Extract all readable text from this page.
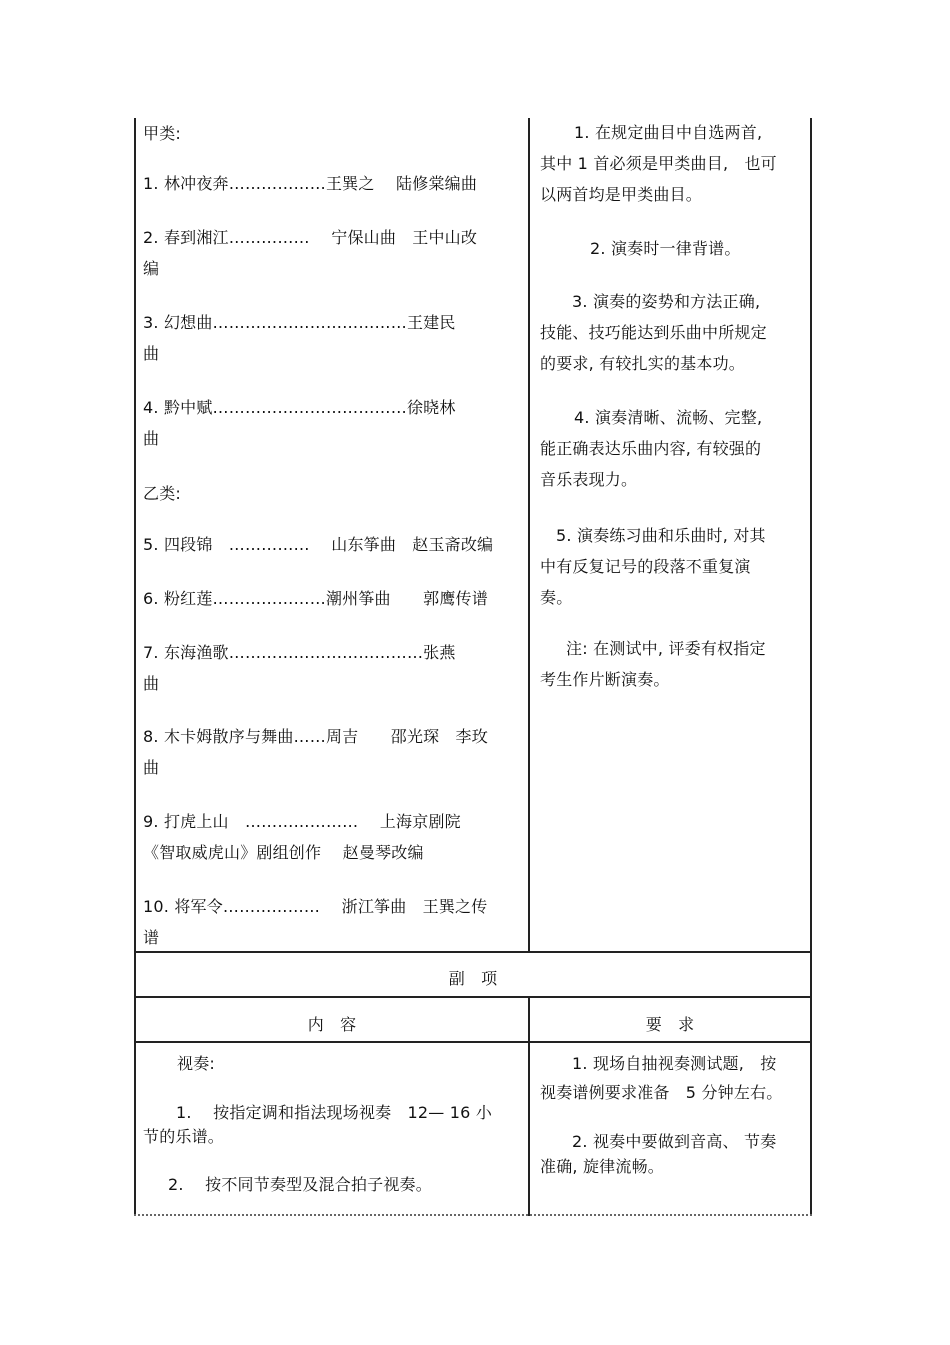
甲类:
1. 林冲夜奔………………王巽之　 陆修棠编曲
2. 春到湘江……………　 宁保山曲　王中山改
编
3. 幻想曲………………………………王建民
曲
4. 黔中赋………………………………徐晓林
曲
乙类:
5. 四段锦　……………　 山东筝曲　赵玉斋改编
6. 粉红莲…………………潮州筝曲　　郭鹰传谱
7. 东海渔歌………………………………张燕
曲
8. 木卡姆散序与舞曲……周吉　　邵光琛　李玫
曲
9. 打虎上山　…………………　 上海京剧院
《智取威虎山》剧组创作　 赵曼琴改编
10. 将军令………………　 浙江筝曲　王巽之传
谱
1. 在规定曲目中自选两首,
其中 1 首必须是甲类曲目,　也可
以两首均是甲类曲目。
2. 演奏时一律背谱。
3. 演奏的姿势和方法正确,
技能、技巧能达到乐曲中所规定
的要求, 有较扎实的基本功。
4. 演奏清晰、流畅、完整,
能正确表达乐曲内容, 有较强的
音乐表现力。
5. 演奏练习曲和乐曲时, 对其
中有反复记号的段落不重复演
奏。
注: 在测试中, 评委有权指定
考生作片断演奏。
副　项
内　容	要　求
视奏:
1.　 按指定调和指法现场视奏　12— 16 小
节的乐谱。
2.　 按不同节奏型及混合拍子视奏。
1. 现场自抽视奏测试题,　按
视奏谱例要求准备　5 分钟左右。
2. 视奏中要做到音高、 节奏
准确, 旋律流畅。
